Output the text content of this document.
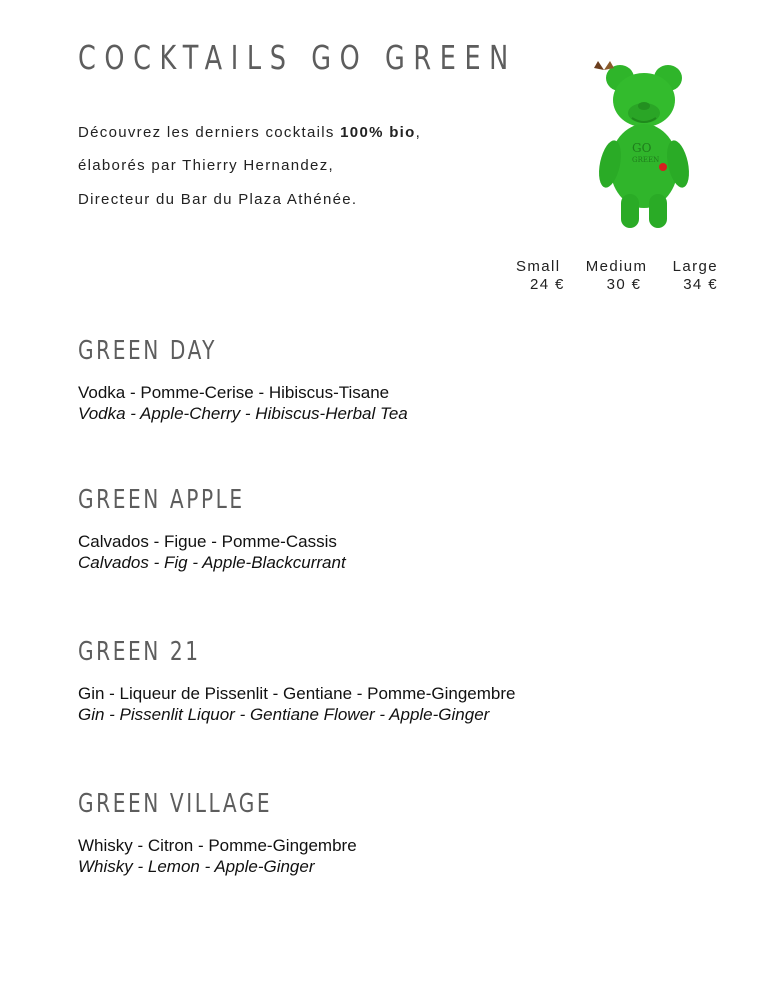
COCKTAILS GO GREEN
Découvrez les derniers cocktails 100% bio,
élaborés par Thierry Hernandez,
Directeur du Bar du Plaza Athénée.
GO
GREEN
Small Medium Large
24 €	30 €	34 €
GREEN DAY
Vodka - Pomme-Cerise - Hibiscus-Tisane
Vodka - Apple-Cherry - Hibiscus-Herbal Tea
GREEN APPLE
Calvados - Figue - Pomme-Cassis
Calvados - Fig - Apple-Blackcurrant
GREEN 21
Gin - Liqueur de Pissenlit - Gentiane - Pomme-Gingembre
Gin - Pissenlit Liquor - Gentiane Flower - Apple-Ginger
GREEN VILLAGE
Whisky - Citron - Pomme-Gingembre
Whisky - Lemon - Apple-Ginger
